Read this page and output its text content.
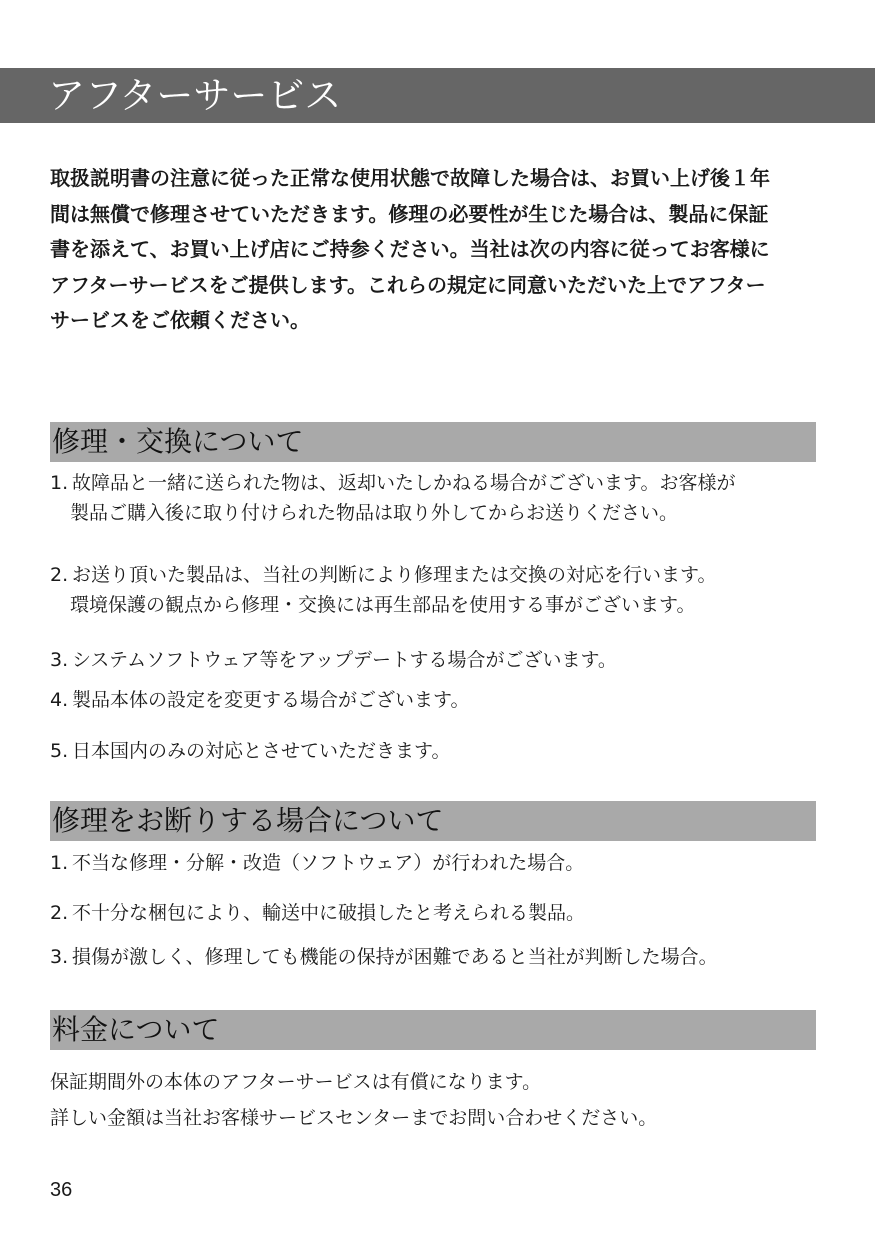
アフターサービス

取扱説明書の注意に従った正常な使用状態で故障した場合は、お買い上げ後１年

間は無償で修理させていただきます。修理の必要性が生じた場合は、製品に保証

書を添えて、お買い上げ店にご持参ください。当社は次の内容に従ってお客様に

アフターサービスをご提供します。これらの規定に同意いただいた上でアフター

サービスをご依頼ください。

修理・交換について
1. 故障品と一緒に送られた物は、返却いたしかねる場合がございます。お客様が
製品ご購入後に取り付けられた物品は取り外してからお送りください。
2. お送り頂いた製品は、当社の判断により修理または交換の対応を行います。
環境保護の観点から修理・交換には再生部品を使用する事がございます。
3. システムソフトウェア等をアップデートする場合がございます。
4. 製品本体の設定を変更する場合がございます。
5. 日本国内のみの対応とさせていただきます。
修理をお断りする場合について
1. 不当な修理・分解・改造（ソフトウェア）が行われた場合。
2. 不十分な梱包により、輸送中に破損したと考えられる製品。
3. 損傷が激しく、修理しても機能の保持が困難であると当社が判断した場合。
料金について
保証期間外の本体のアフターサービスは有償になります。
詳しい金額は当社お客様サービスセンターまでお問い合わせください。
36
